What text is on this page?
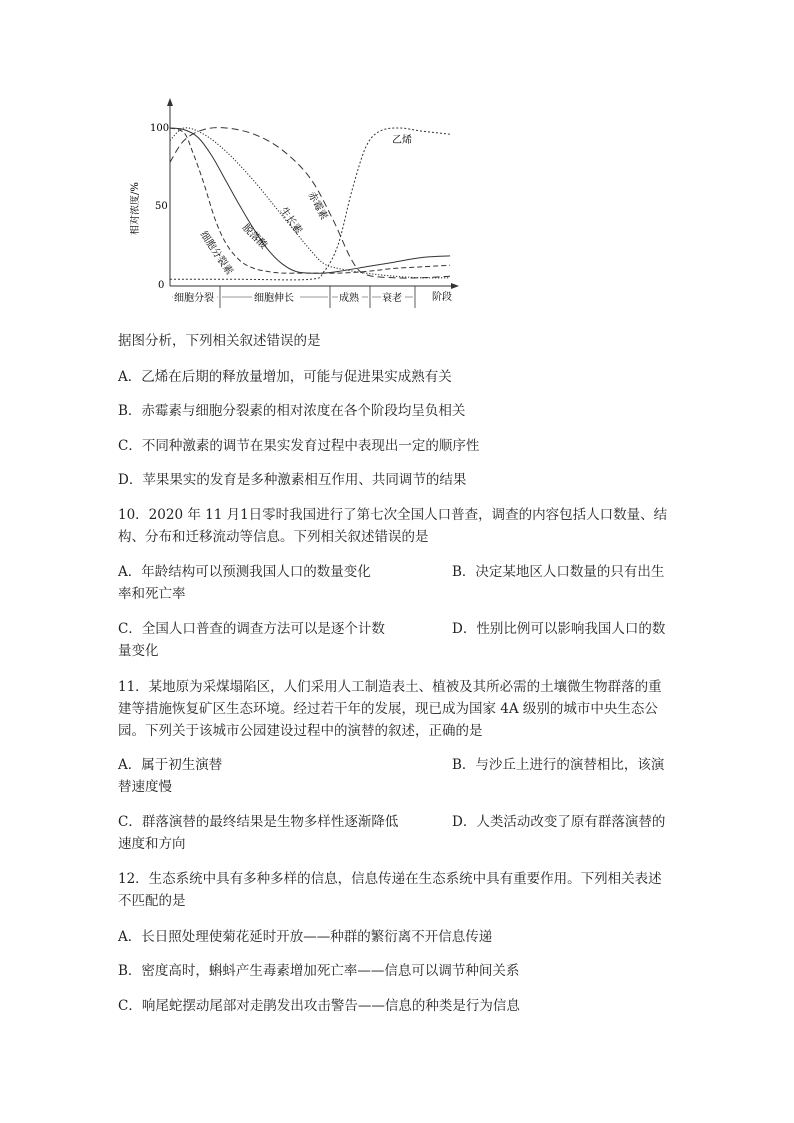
100
50
0
相对浓度/%
细胞分裂	细胞伸长	成熟 衰老	阶段
乙烯
赤霉素
生长素
脱落酸
细胞分裂素
据图分析，下列相关叙述错误的是
A．乙烯在后期的释放量增加，可能与促进果实成熟有关
B．赤霉素与细胞分裂素的相对浓度在各个阶段均呈负相关
C．不同种激素的调节在果实发育过程中表现出一定的顺序性
D．苹果果实的发育是多种激素相互作用、共同调节的结果
10．2020 年 11 月1日零时我国进行了第七次全国人口普查，调查的内容包括人口数量、结
构、分布和迁移流动等信息。下列相关叙述错误的是
A．年龄结构可以预测我国人口的数量变化	B．决定某地区人口数量的只有出生
率和死亡率
C．全国人口普查的调查方法可以是逐个计数	D．性别比例可以影响我国人口的数
量变化
11．某地原为采煤塌陷区，人们采用人工制造表土、植被及其所必需的土壤微生物群落的重
建等措施恢复矿区生态环境。经过若干年的发展，现已成为国家 4A 级别的城市中央生态公
园。下列关于该城市公园建设过程中的演替的叙述，正确的是
A．属于初生演替	B．与沙丘上进行的演替相比，该演
替速度慢
C．群落演替的最终结果是生物多样性逐渐降低	D．人类活动改变了原有群落演替的
速度和方向
12．生态系统中具有多种多样的信息，信息传递在生态系统中具有重要作用。下列相关表述
不匹配的是
A．长日照处理使菊花延时开放——种群的繁衍离不开信息传递
B．密度高时，蝌蚪产生毒素增加死亡率——信息可以调节种间关系
C．响尾蛇摆动尾部对走鹃发出攻击警告——信息的种类是行为信息
